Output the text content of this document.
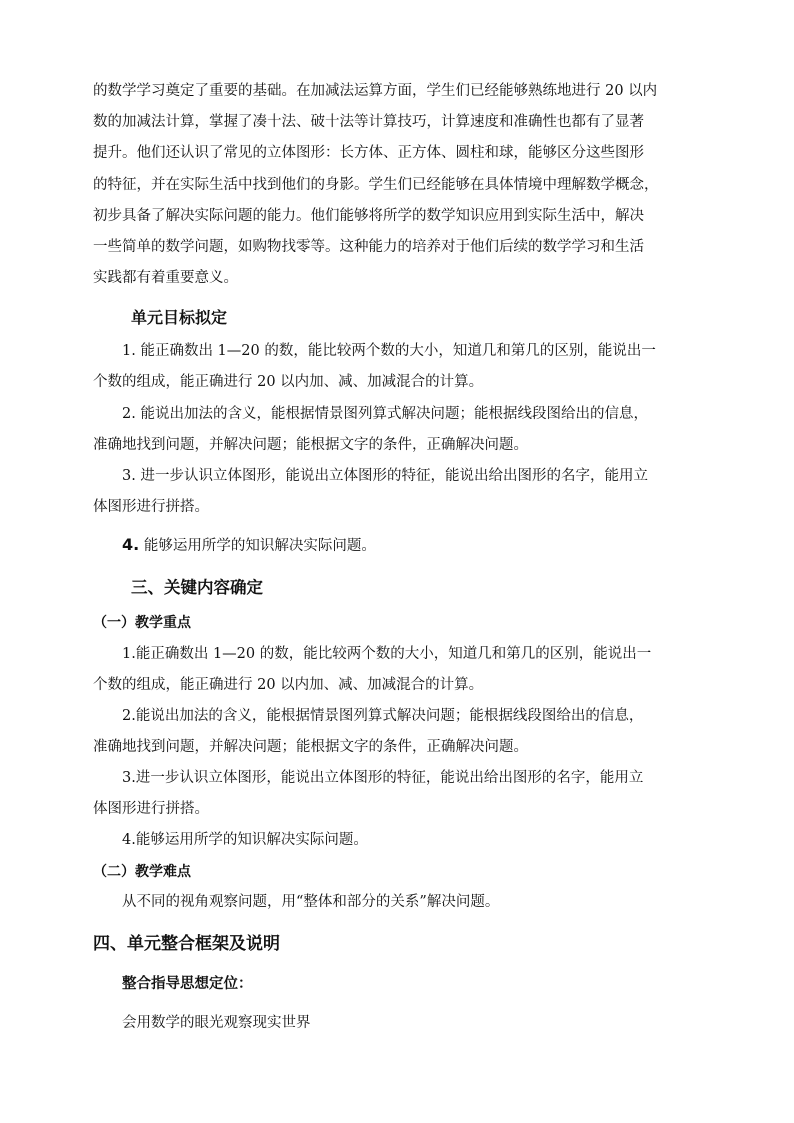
的数学学习奠定了重要的基础。在加减法运算方面，学生们已经能够熟练地进行 20 以内
数的加减法计算，掌握了凑十法、破十法等计算技巧，计算速度和准确性也都有了显著
提升。他们还认识了常见的立体图形：长方体、正方体、圆柱和球，能够区分这些图形
的特征，并在实际生活中找到他们的身影。学生们已经能够在具体情境中理解数学概念，
初步具备了解决实际问题的能力。他们能够将所学的数学知识应用到实际生活中，解决
一些简单的数学问题，如购物找零等。这种能力的培养对于他们后续的数学学习和生活
实践都有着重要意义。
单元目标拟定
1. 能正确数出 1—20 的数，能比较两个数的大小，知道几和第几的区别，能说出一
个数的组成，能正确进行 20 以内加、减、加减混合的计算。
2. 能说出加法的含义，能根据情景图列算式解决问题；能根据线段图给出的信息，
准确地找到问题，并解决问题；能根据文字的条件，正确解决问题。
3. 进一步认识立体图形，能说出立体图形的特征，能说出给出图形的名字，能用立
体图形进行拼搭。
4. 能够运用所学的知识解决实际问题。
三、关键内容确定
（一）教学重点
1.能正确数出 1—20 的数，能比较两个数的大小，知道几和第几的区别，能说出一
个数的组成，能正确进行 20 以内加、减、加减混合的计算。
2.能说出加法的含义，能根据情景图列算式解决问题；能根据线段图给出的信息，
准确地找到问题，并解决问题；能根据文字的条件，正确解决问题。
3.进一步认识立体图形，能说出立体图形的特征，能说出给出图形的名字，能用立
体图形进行拼搭。
4.能够运用所学的知识解决实际问题。
（二）教学难点
从不同的视角观察问题，用“整体和部分的关系”解决问题。
四、单元整合框架及说明
整合指导思想定位：
会用数学的眼光观察现实世界
